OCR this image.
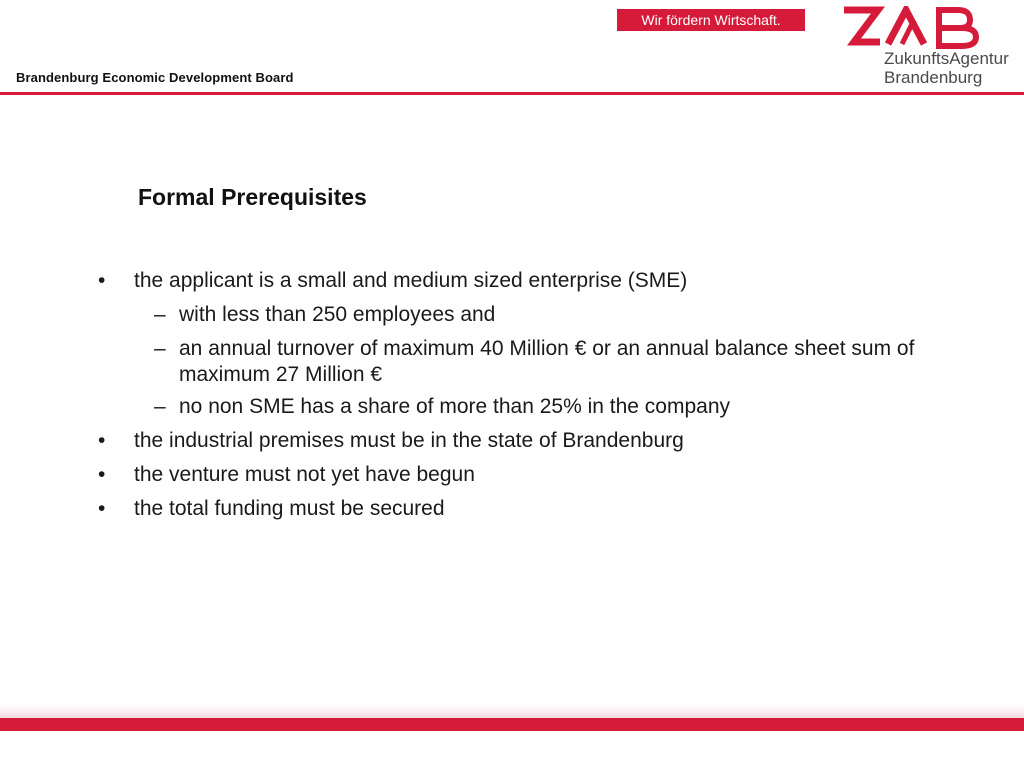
Brandenburg Economic Development Board
Wir fördern Wirtschaft.
ZukunftsAgentur
Brandenburg
Formal Prerequisites
• the applicant is a small and medium sized enterprise (SME)
– with less than 250 employees and
– an annual turnover of maximum 40 Million € or an annual balance sheet sum of maximum 27 Million €
– no non SME has a share of more than 25% in the company
• the industrial premises must be in the state of Brandenburg
• the venture must not yet have begun
• the total funding must be secured
